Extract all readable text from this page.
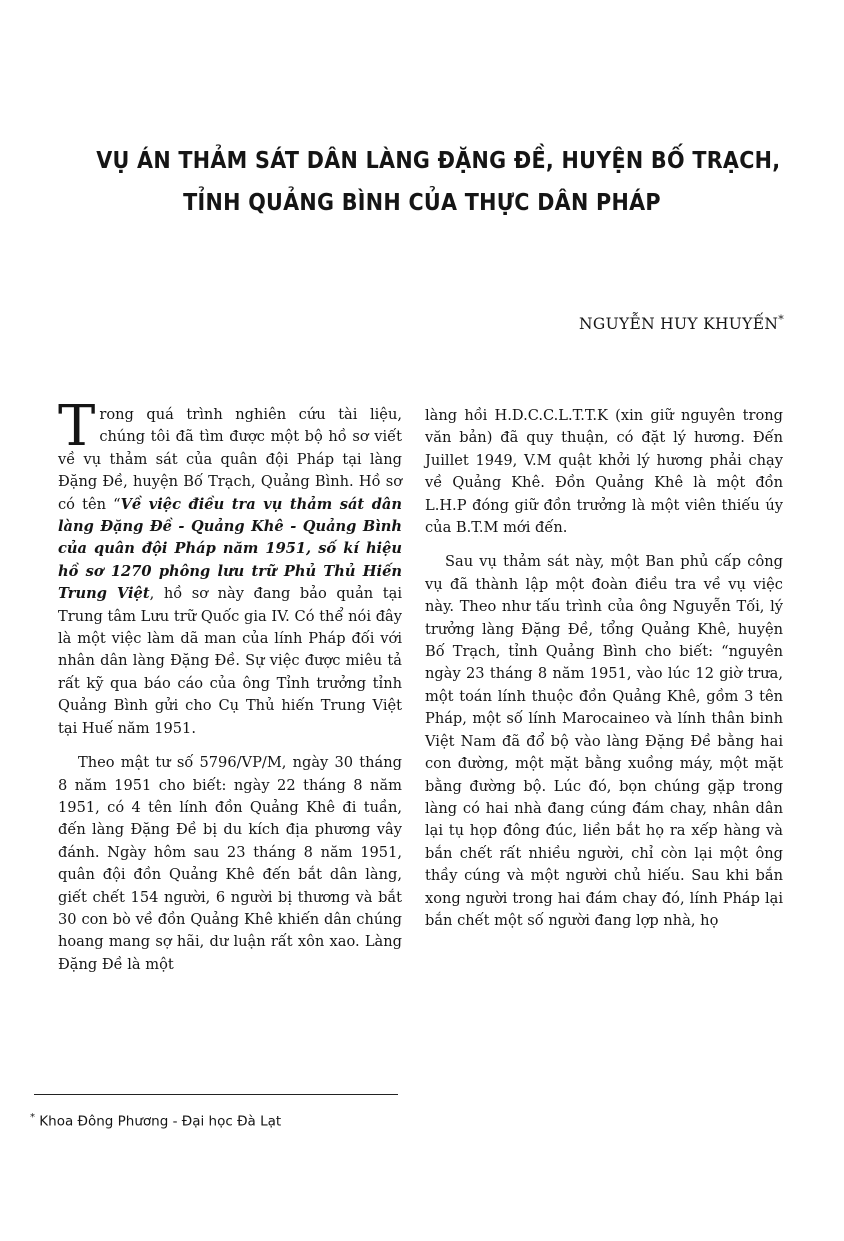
VỤ ÁN THẢM SÁT DÂN LÀNG ĐẶNG ĐỀ, HUYỆN BỐ TRẠCH,
TỈNH QUẢNG BÌNH CỦA THỰC DÂN PHÁP
NGUYỄN HUY KHUYẾN*

Trong quá trình nghiên cứu tài liệu, chúng tôi đã tìm được một bộ hồ sơ viết về vụ thảm sát của quân đội Pháp tại làng Đặng Đề, huyện Bố Trạch, Quảng Bình. Hồ sơ có tên “Về việc điều tra vụ thảm sát dân làng Đặng Đề - Quảng Khê - Quảng Bình của quân đội Pháp năm 1951, số kí hiệu hồ sơ 1270 phông lưu trữ Phủ Thủ Hiến Trung Việt, hồ sơ này đang bảo quản tại Trung tâm Lưu trữ Quốc gia IV. Có thể nói đây là một việc làm dã man của lính Pháp đối với nhân dân làng Đặng Đề. Sự việc được miêu tả rất kỹ qua báo cáo của ông Tỉnh trưởng tỉnh Quảng Bình gửi cho Cụ Thủ hiến Trung Việt tại Huế năm 1951.

Theo mật tư số 5796/VP/M, ngày 30 tháng 8 năm 1951 cho biết: ngày 22 tháng 8 năm 1951, có 4 tên lính đồn Quảng Khê đi tuần, đến làng Đặng Đề bị du kích địa phương vây đánh. Ngày hôm sau 23 tháng 8 năm 1951, quân đội đồn Quảng Khê đến bắt dân làng, giết chết 154 người, 6 người bị thương và bắt 30 con bò về đồn Quảng Khê khiến dân chúng hoang mang sợ hãi, dư luận rất xôn xao. Làng Đặng Đề là một

làng hồi H.D.C.C.L.T.T.K (xin giữ nguyên trong văn bản) đã quy thuận, có đặt lý hương. Đến Juillet 1949, V.M quật khởi lý hương phải chạy về Quảng Khê. Đồn Quảng Khê là một đồn L.H.P đóng giữ đồn trưởng là một viên thiếu úy của B.T.M mới đến.

Sau vụ thảm sát này, một Ban phủ cấp công vụ đã thành lập một đoàn điều tra về vụ việc này. Theo như tấu trình của ông Nguyễn Tối, lý trưởng làng Đặng Đề, tổng Quảng Khê, huyện Bố Trạch, tỉnh Quảng Bình cho biết: “nguyên ngày 23 tháng 8 năm 1951, vào lúc 12 giờ trưa, một toán lính thuộc đồn Quảng Khê, gồm 3 tên Pháp, một số lính Marocaineo và lính thân binh Việt Nam đã đổ bộ vào làng Đặng Đề bằng hai con đường, một mặt bằng xuồng máy, một mặt bằng đường bộ. Lúc đó, bọn chúng gặp trong làng có hai nhà đang cúng đám chay, nhân dân lại tụ họp đông đúc, liền bắt họ ra xếp hàng và bắn chết rất nhiều người, chỉ còn lại một ông thầy cúng và một người chủ hiếu. Sau khi bắn xong người trong hai đám chay đó, lính Pháp lại bắn chết một số người đang lợp nhà, họ

* Khoa Đông Phương - Đại học Đà Lạt
